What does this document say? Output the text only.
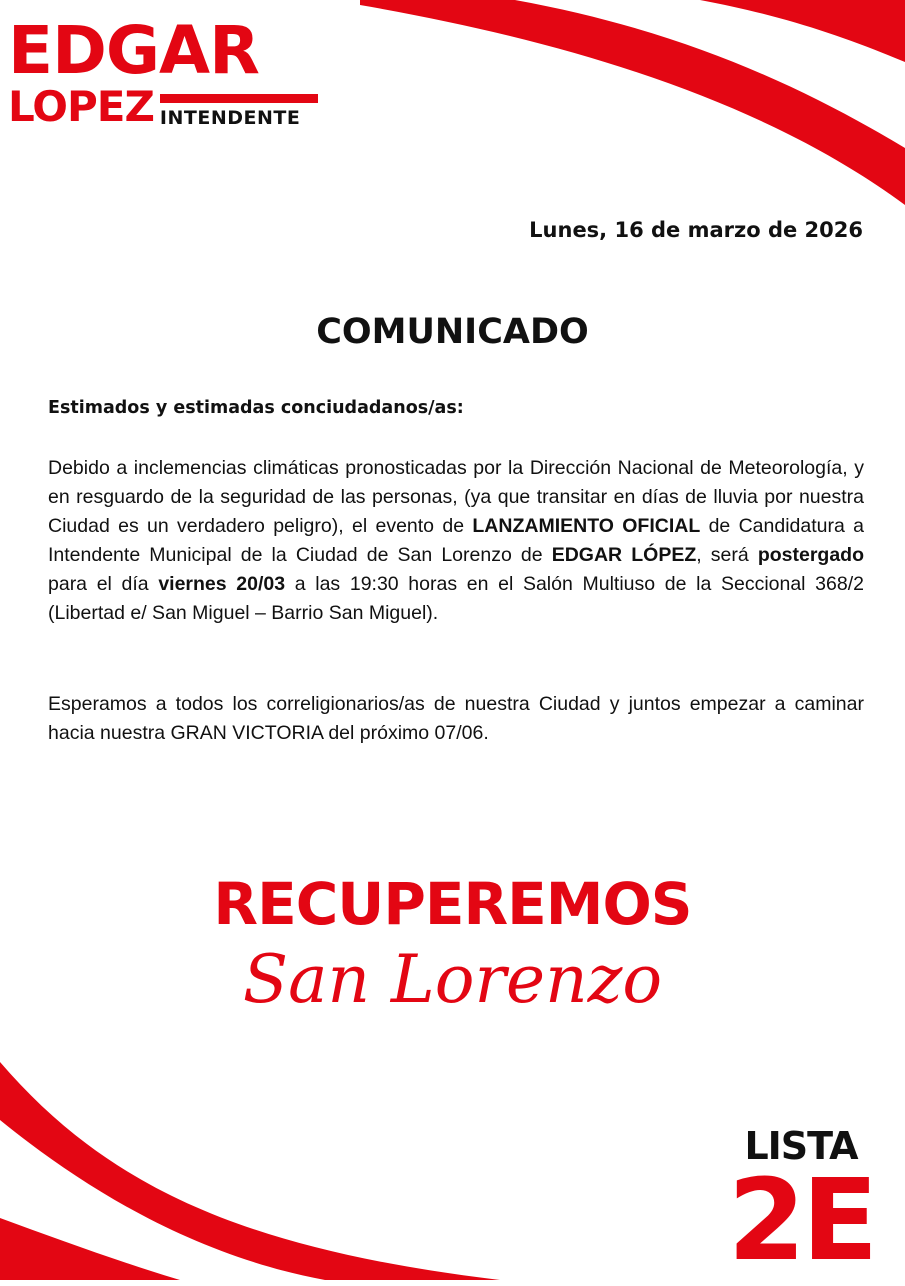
EDGAR
LOPEZ INTENDENTE
Lunes, 16 de marzo de 2026
COMUNICADO
Estimados y estimadas conciudadanos/as:
Debido a inclemencias climáticas pronosticadas por la Dirección Nacional de Meteorología, y en resguardo de la seguridad de las personas, (ya que transitar en días de lluvia por nuestra Ciudad es un verdadero peligro), el evento de LANZAMIENTO OFICIAL de Candidatura a Intendente Municipal de la Ciudad de San Lorenzo de EDGAR LÓPEZ, será postergado para el día viernes 20/03 a las 19:30 horas en el Salón Multiuso de la Seccional 368/2 (Libertad e/ San Miguel – Barrio San Miguel).
Esperamos a todos los correligionarios/as de nuestra Ciudad y juntos empezar a caminar hacia nuestra GRAN VICTORIA del próximo 07/06.
RECUPEREMOS
San Lorenzo
LISTA
2E
